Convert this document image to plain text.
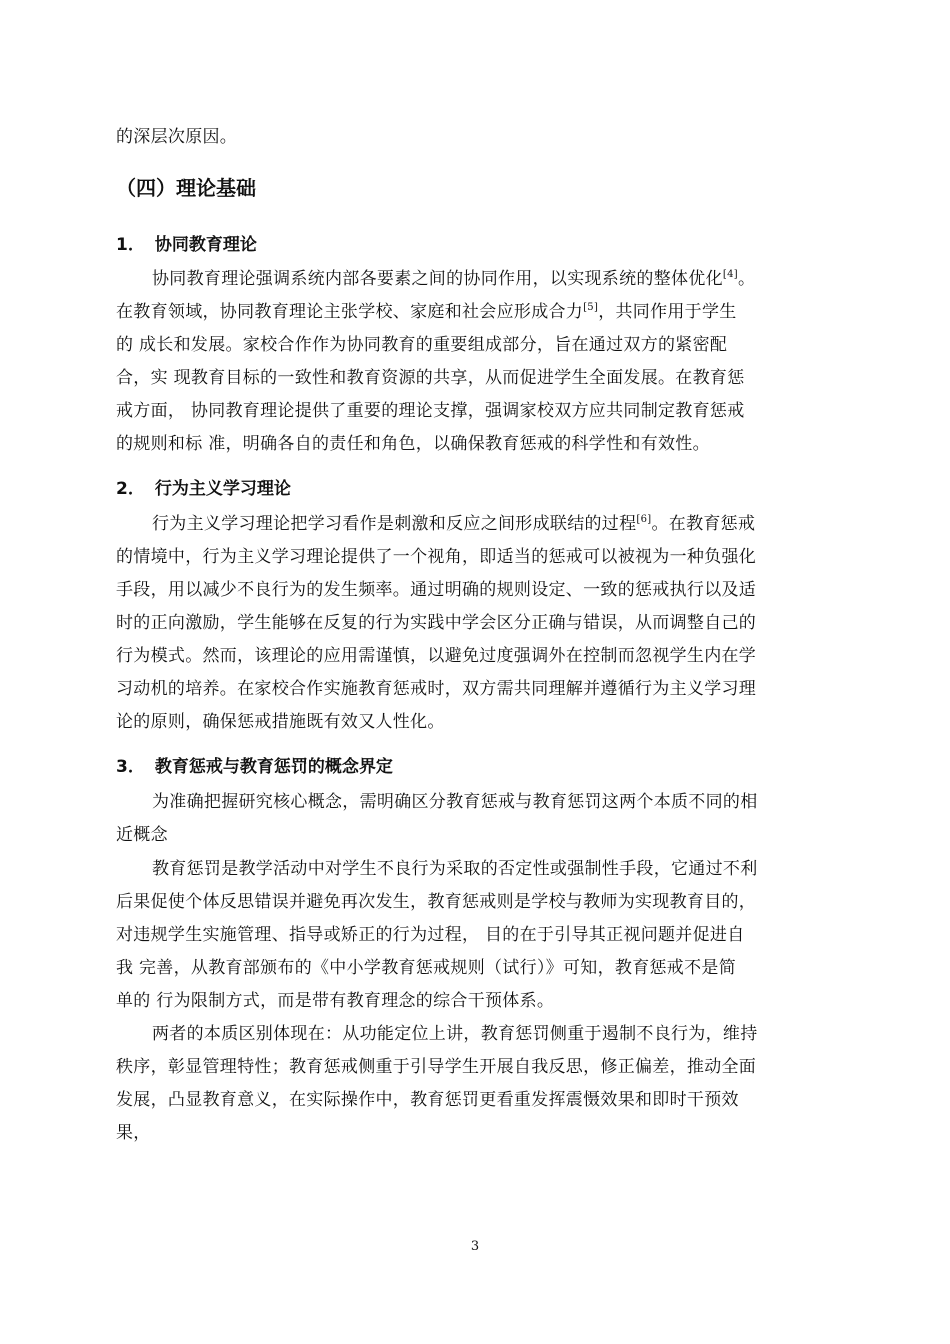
的深层次原因。
（四）理论基础
1． 协同教育理论
协同教育理论强调系统内部各要素之间的协同作用，以实现系统的整体优化[4]。
在教育领域，协同教育理论主张学校、家庭和社会应形成合力[5]，共同作用于学生
的 成长和发展。家校合作作为协同教育的重要组成部分，旨在通过双方的紧密配
合，实 现教育目标的一致性和教育资源的共享，从而促进学生全面发展。在教育惩
戒方面， 协同教育理论提供了重要的理论支撑，强调家校双方应共同制定教育惩戒
的规则和标 准，明确各自的责任和角色，以确保教育惩戒的科学性和有效性。
2． 行为主义学习理论
行为主义学习理论把学习看作是刺激和反应之间形成联结的过程[6]。在教育惩戒
的情境中，行为主义学习理论提供了一个视角，即适当的惩戒可以被视为一种负强化
手段，用以减少不良行为的发生频率。通过明确的规则设定、一致的惩戒执行以及适
时的正向激励，学生能够在反复的行为实践中学会区分正确与错误，从而调整自己的
行为模式。然而，该理论的应用需谨慎，以避免过度强调外在控制而忽视学生内在学
习动机的培养。在家校合作实施教育惩戒时，双方需共同理解并遵循行为主义学习理
论的原则，确保惩戒措施既有效又人性化。
3． 教育惩戒与教育惩罚的概念界定
为准确把握研究核心概念，需明确区分教育惩戒与教育惩罚这两个本质不同的相
近概念
教育惩罚是教学活动中对学生不良行为采取的否定性或强制性手段，它通过不利
后果促使个体反思错误并避免再次发生，教育惩戒则是学校与教师为实现教育目的，
对违规学生实施管理、指导或矫正的行为过程， 目的在于引导其正视问题并促进自
我 完善，从教育部颁布的《中小学教育惩戒规则（试行）》可知，教育惩戒不是简
单的 行为限制方式，而是带有教育理念的综合干预体系。
两者的本质区别体现在：从功能定位上讲，教育惩罚侧重于遏制不良行为，维持
秩序，彰显管理特性；教育惩戒侧重于引导学生开展自我反思，修正偏差，推动全面
发展，凸显教育意义，在实际操作中，教育惩罚更看重发挥震慑效果和即时干预效
果，
3
